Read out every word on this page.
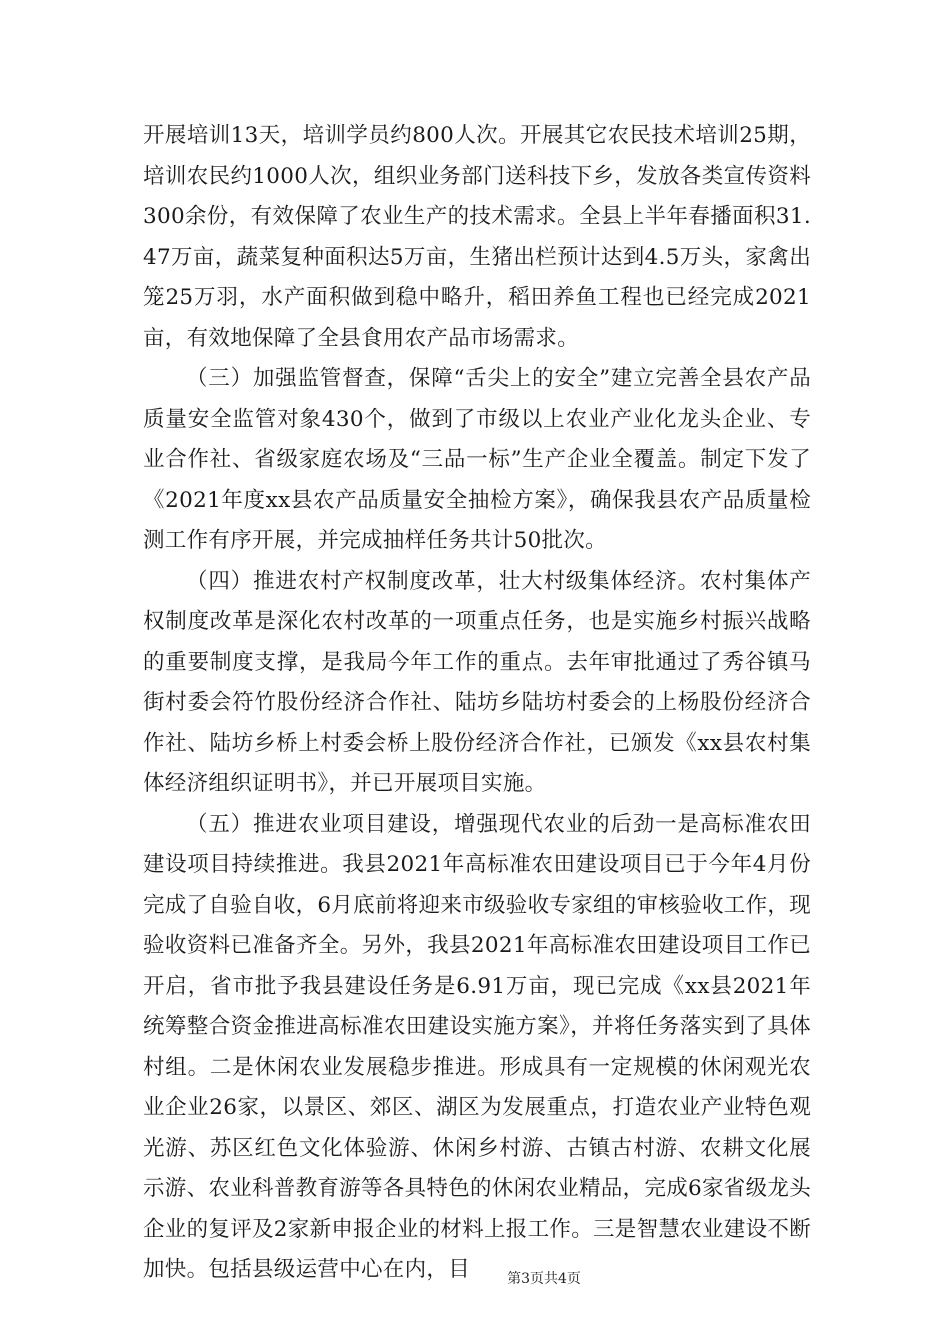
开展培训13天，培训学员约800人次。开展其它农民技术培训25期，培训农民约1000人次，组织业务部门送科技下乡，发放各类宣传资料300余份，有效保障了农业生产的技术需求。全县上半年春播面积31.47万亩，蔬菜复种面积达5万亩，生猪出栏预计达到4.5万头，家禽出笼25万羽，水产面积做到稳中略升，稻田养鱼工程也已经完成2021亩，有效地保障了全县食用农产品市场需求。

（三）加强监管督查，保障“舌尖上的安全”建立完善全县农产品质量安全监管对象430个，做到了市级以上农业产业化龙头企业、专业合作社、省级家庭农场及“三品一标”生产企业全覆盖。制定下发了《2021年度xx县农产品质量安全抽检方案》，确保我县农产品质量检测工作有序开展，并完成抽样任务共计50批次。

（四）推进农村产权制度改革，壮大村级集体经济。农村集体产权制度改革是深化农村改革的一项重点任务，也是实施乡村振兴战略的重要制度支撑，是我局今年工作的重点。去年审批通过了秀谷镇马街村委会符竹股份经济合作社、陆坊乡陆坊村委会的上杨股份经济合作社、陆坊乡桥上村委会桥上股份经济合作社，已颁发《xx县农村集体经济组织证明书》，并已开展项目实施。

（五）推进农业项目建设，增强现代农业的后劲一是高标准农田建设项目持续推进。我县2021年高标准农田建设项目已于今年4月份完成了自验自收，6月底前将迎来市级验收专家组的审核验收工作，现验收资料已准备齐全。另外，我县2021年高标准农田建设项目工作已开启，省市批予我县建设任务是6.91万亩，现已完成《xx县2021年统筹整合资金推进高标准农田建设实施方案》，并将任务落实到了具体村组。二是休闲农业发展稳步推进。形成具有一定规模的休闲观光农业企业26家，以景区、郊区、湖区为发展重点，打造农业产业特色观光游、苏区红色文化体验游、休闲乡村游、古镇古村游、农耕文化展示游、农业科普教育游等各具特色的休闲农业精品，完成6家省级龙头企业的复评及2家新申报企业的材料上报工作。三是智慧农业建设不断加快。包括县级运营中心在内，目	第3页共4页
